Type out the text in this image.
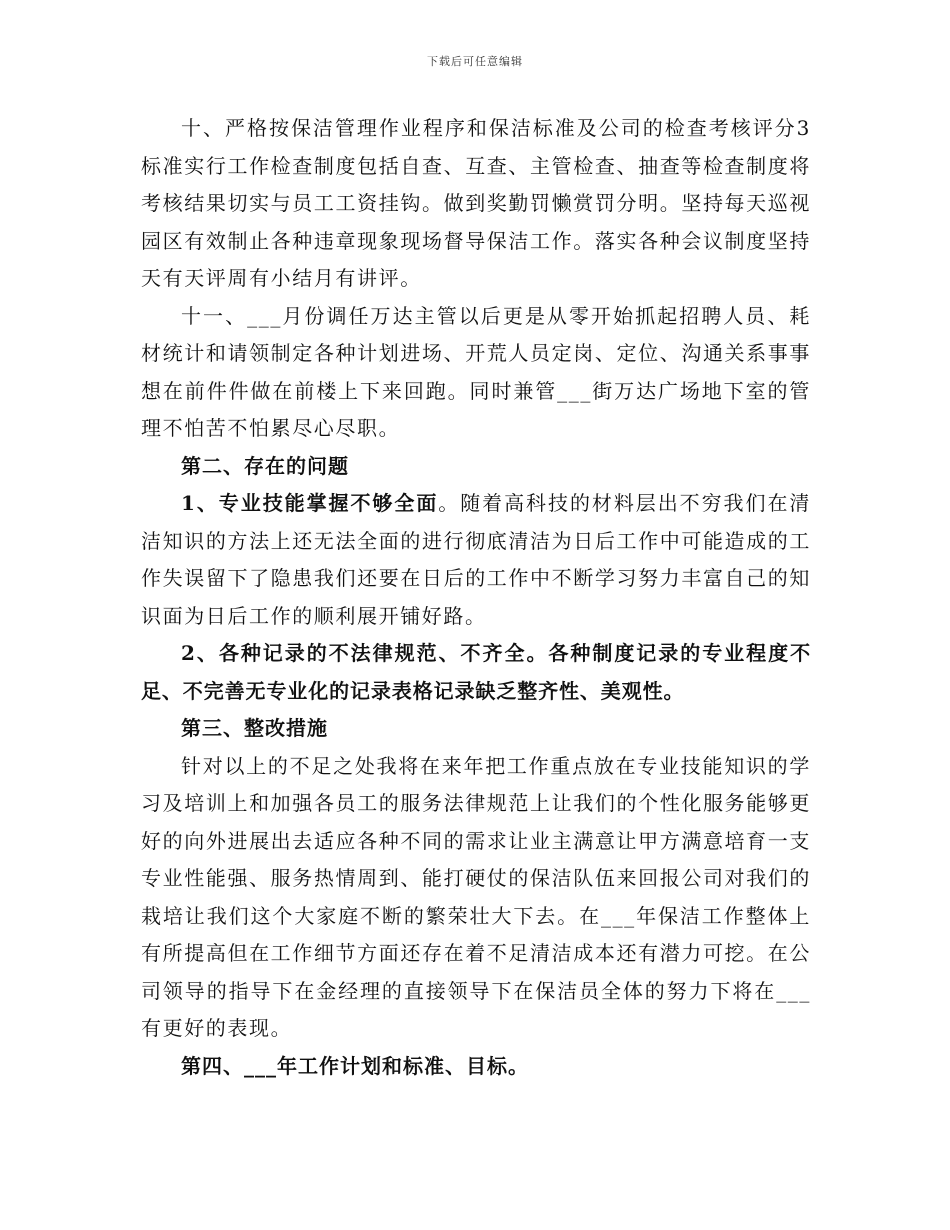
下载后可任意编辑

十、严格按保洁管理作业程序和保洁标准及公司的检查考核评分3标准实行工作检查制度包括自查、互查、主管检查、抽查等检查制度将考核结果切实与员工工资挂钩。做到奖勤罚懒赏罚分明。坚持每天巡视园区有效制止各种违章现象现场督导保洁工作。落实各种会议制度坚持天有天评周有小结月有讲评。

十一、___月份调任万达主管以后更是从零开始抓起招聘人员、耗材统计和请领制定各种计划进场、开荒人员定岗、定位、沟通关系事事想在前件件做在前楼上下来回跑。同时兼管___街万达广场地下室的管理不怕苦不怕累尽心尽职。

第二、存在的问题

1、专业技能掌握不够全面。随着高科技的材料层出不穷我们在清洁知识的方法上还无法全面的进行彻底清洁为日后工作中可能造成的工作失误留下了隐患我们还要在日后的工作中不断学习努力丰富自己的知识面为日后工作的顺利展开铺好路。

2、各种记录的不法律规范、不齐全。各种制度记录的专业程度不足、不完善无专业化的记录表格记录缺乏整齐性、美观性。

第三、整改措施

针对以上的不足之处我将在来年把工作重点放在专业技能知识的学习及培训上和加强各员工的服务法律规范上让我们的个性化服务能够更好的向外进展出去适应各种不同的需求让业主满意让甲方满意培育一支专业性能强、服务热情周到、能打硬仗的保洁队伍来回报公司对我们的栽培让我们这个大家庭不断的繁荣壮大下去。在___年保洁工作整体上有所提高但在工作细节方面还存在着不足清洁成本还有潜力可挖。在公司领导的指导下在金经理的直接领导下在保洁员全体的努力下将在___有更好的表现。

第四、___年工作计划和标准、目标。
